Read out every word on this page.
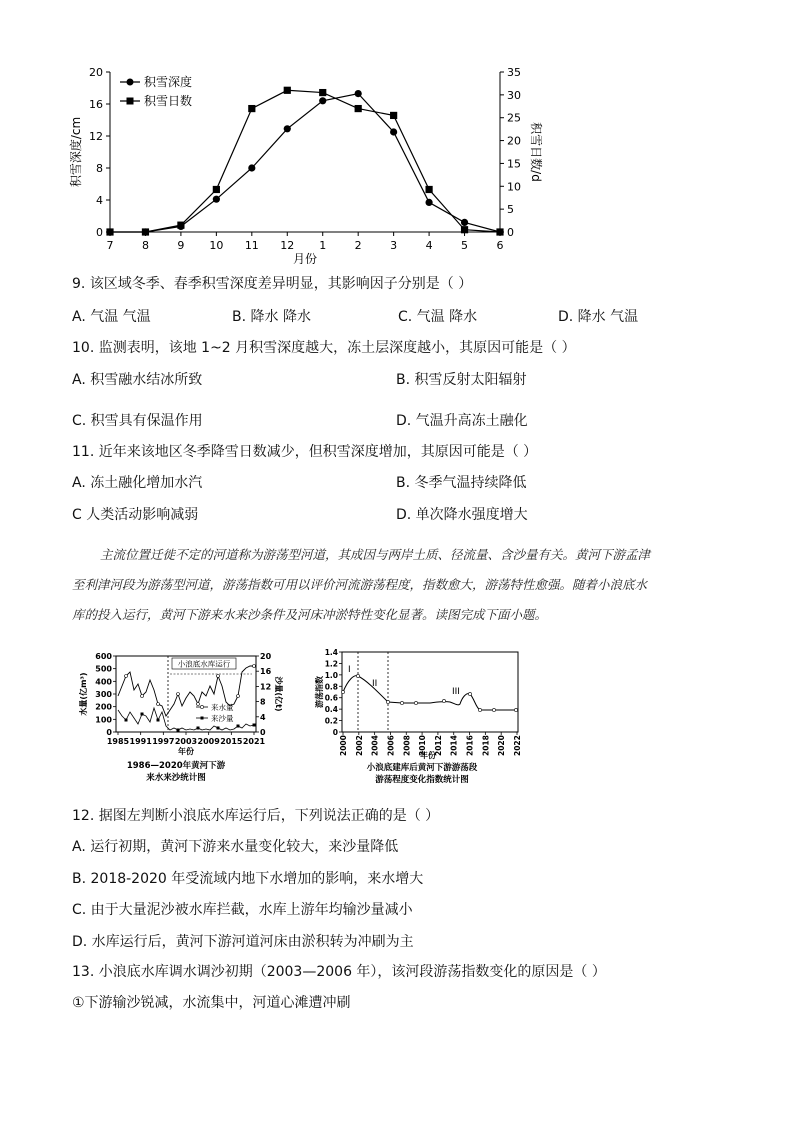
7	8	9 10 11 12 1	2	3	4	5	6
0
4
8
12
16
20
0
5
10
15
20
25
30
35
积雪深度/cm	积雪日数/d
月份
积雪深度
积雪日数
9. 该区域冬季、春季积雪深度差异明显，其影响因子分别是（ ）
A. 气温 气温	B. 降水 降水	C. 气温 降水	D. 降水 气温
10. 监测表明，该地 1~2 月积雪深度越大，冻土层深度越小，其原因可能是（ ）
A. 积雪融水结冰所致	B. 积雪反射太阳辐射
C. 积雪具有保温作用	D. 气温升高冻土融化
11. 近年来该地区冬季降雪日数减少，但积雪深度增加，其原因可能是（ ）
A. 冻土融化增加水汽	B. 冬季气温持续降低
C 人类活动影响减弱	D. 单次降水强度增大
主流位置迁徙不定的河道称为游荡型河道，其成因与两岸土质、径流量、含沙量有关。黄河下游孟津
至利津河段为游荡型河道，游荡指数可用以评价河流游荡程度，指数愈大，游荡特性愈强。随着小浪底水
库的投入运行，黄河下游来水来沙条件及河床冲淤特性变化显著。读图完成下面小题。
1985 1991 1997 2003 2009 2015 2021
0
100
200
300
400
500
600
0
4
8
12
16
20
小浪底水库运行
来水量
来沙量
水量(亿m³)	沙量(亿t)
年份
1986—2020年黄河下游
来水来沙统计图
2000 2002 2004 2006 2008 2010 2012 2014 2016 2018 2020 2022
0
0.2
0.4
0.6
0.8
1.0
1.2
1.4
I
II
III
游荡指数
年份
小浪底建库后黄河下游游荡段
游荡程度变化指数统计图
12. 据图左判断小浪底水库运行后，下列说法正确的是（ ）
A. 运行初期，黄河下游来水量变化较大，来沙量降低
B. 2018-2020 年受流域内地下水增加的影响，来水增大
C. 由于大量泥沙被水库拦截，水库上游年均输沙量减小
D. 水库运行后，黄河下游河道河床由淤积转为冲刷为主
13. 小浪底水库调水调沙初期（2003—2006 年），该河段游荡指数变化的原因是（ ）
①下游输沙锐减，水流集中，河道心滩遭冲刷
